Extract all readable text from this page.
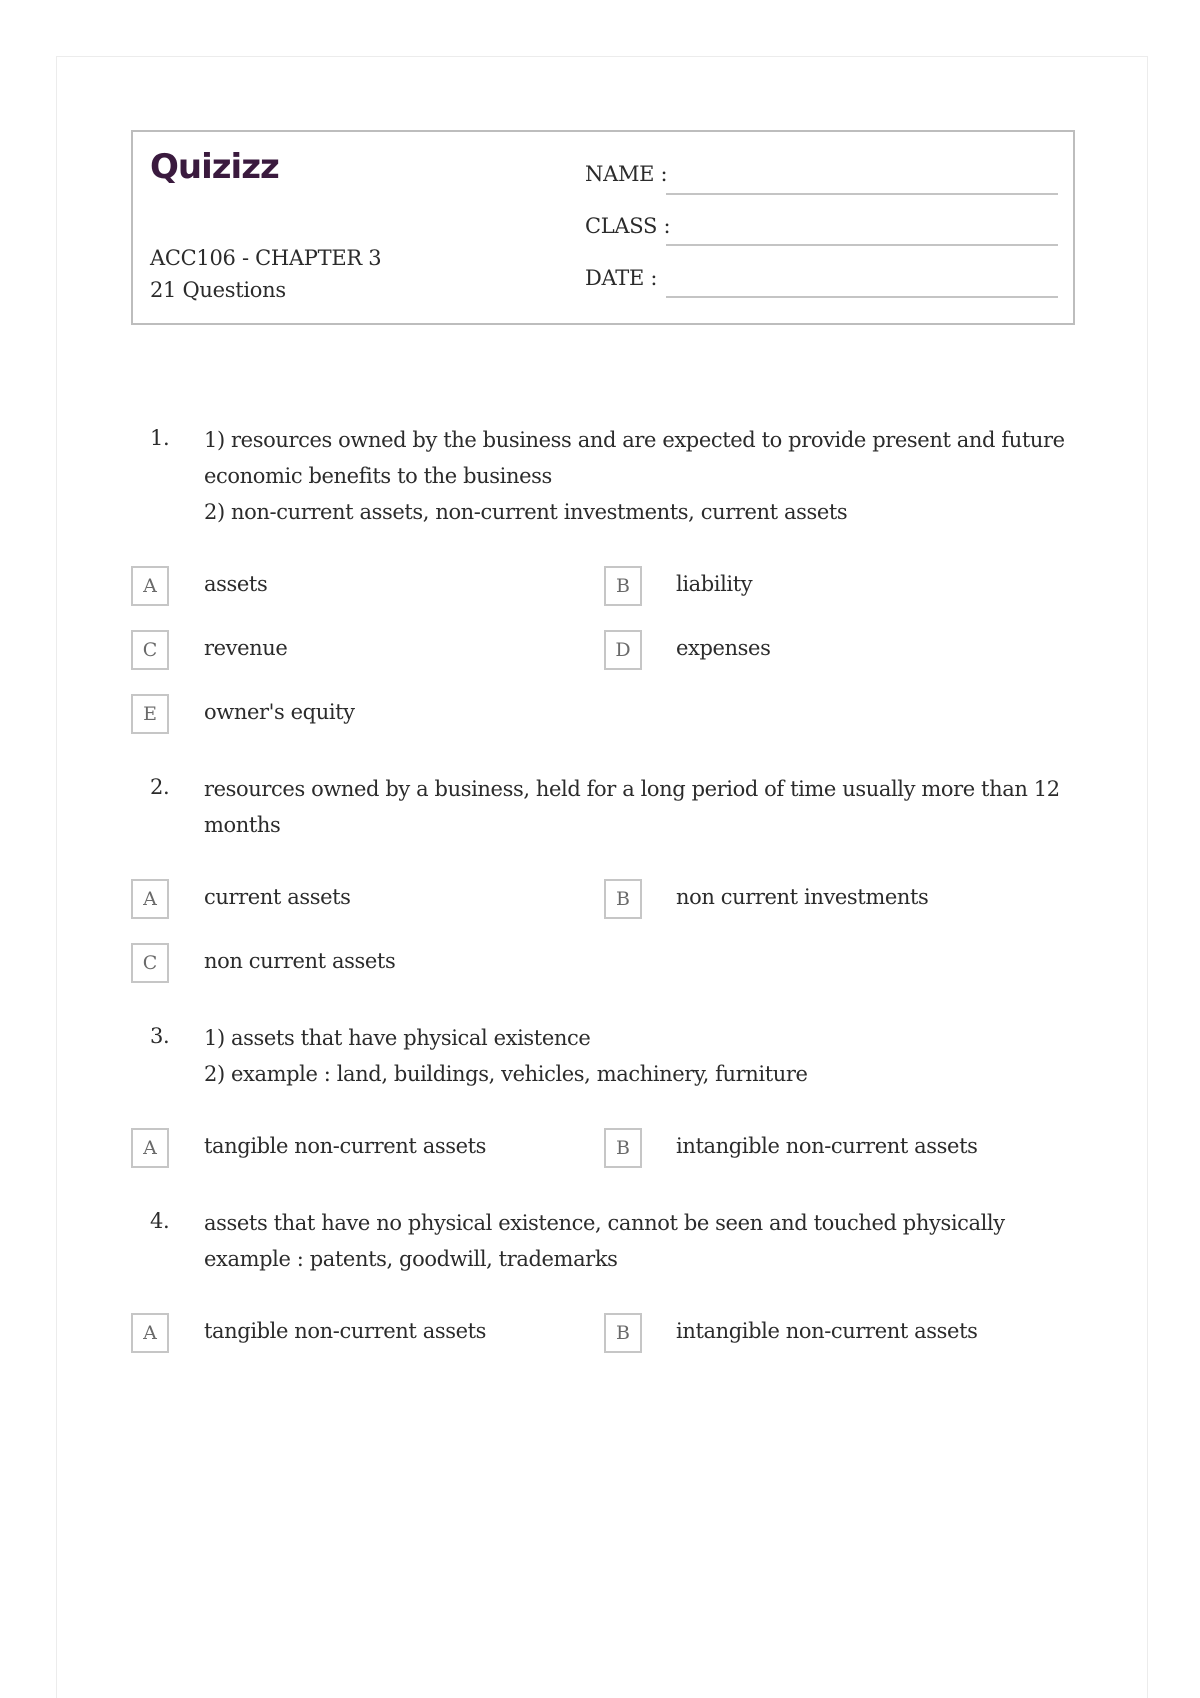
Quizizz
ACC106 - CHAPTER 3
21 Questions
NAME :
CLASS :
DATE :
1. 1) resources owned by the business and are expected to provide present and future
economic benefits to the business
2) non-current assets, non-current investments, current assets
A	assets	B	liability
C	revenue	D	expenses
E	owner's equity
2. resources owned by a business, held for a long period of time usually more than 12
months
A	current assets	B	non current investments
C	non current assets
3. 1) assets that have physical existence
2) example : land, buildings, vehicles, machinery, furniture
A	tangible non-current assets	B	intangible non-current assets
4. assets that have no physical existence, cannot be seen and touched physically
example : patents, goodwill, trademarks
A	tangible non-current assets	B	intangible non-current assets
